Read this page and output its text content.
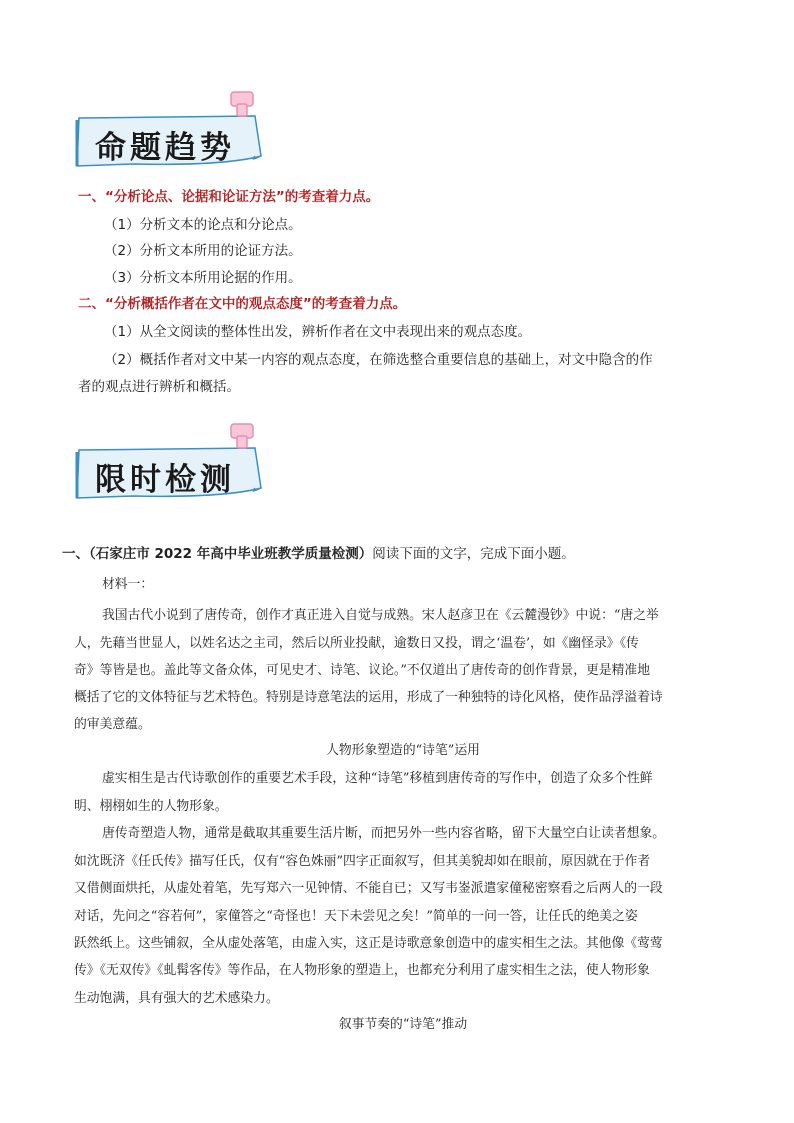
命题趋势
一、“分析论点、论据和论证方法”的考查着力点。
（1）分析文本的论点和分论点。
（2）分析文本所用的论证方法。
（3）分析文本所用论据的作用。
二、“分析概括作者在文中的观点态度”的考查着力点。
（1）从全文阅读的整体性出发，辨析作者在文中表现出来的观点态度。
（2）概括作者对文中某一内容的观点态度，在筛选整合重要信息的基础上，对文中隐含的作
者的观点进行辨析和概括。
限时检测
一、（石家庄市 2022 年高中毕业班教学质量检测）阅读下面的文字，完成下面小题。
材料一：
我国古代小说到了唐传奇，创作才真正进入自觉与成熟。宋人赵彦卫在《云麓漫钞》中说：“唐之举
人，先藉当世显人，以姓名达之主司，然后以所业投献，逾数日又投，谓之‘温卷’，如《幽怪录》《传
奇》等皆是也。盖此等文备众体，可见史才、诗笔、议论。”不仅道出了唐传奇的创作背景，更是精准地
概括了它的文体特征与艺术特色。特别是诗意笔法的运用，形成了一种独特的诗化风格，使作品浮溢着诗
的审美意蕴。
人物形象塑造的“诗笔”运用
虚实相生是古代诗歌创作的重要艺术手段，这种“诗笔”移植到唐传奇的写作中，创造了众多个性鲜
明、栩栩如生的人物形象。
唐传奇塑造人物，通常是截取其重要生活片断，而把另外一些内容省略，留下大量空白让读者想象。
如沈既济《任氏传》描写任氏，仅有“容色姝丽”四字正面叙写，但其美貌却如在眼前，原因就在于作者
又借侧面烘托，从虚处着笔，先写郑六一见钟情、不能自已；又写韦崟派遣家僮秘密察看之后两人的一段
对话，先问之“容若何”，家僮答之“奇怪也！天下未尝见之矣！”简单的一问一答，让任氏的绝美之姿
跃然纸上。这些铺叙，全从虚处落笔，由虚入实，这正是诗歌意象创造中的虚实相生之法。其他像《莺莺
传》《无双传》《虬髯客传》等作品，在人物形象的塑造上，也都充分利用了虚实相生之法，使人物形象
生动饱满，具有强大的艺术感染力。
叙事节奏的“诗笔”推动
